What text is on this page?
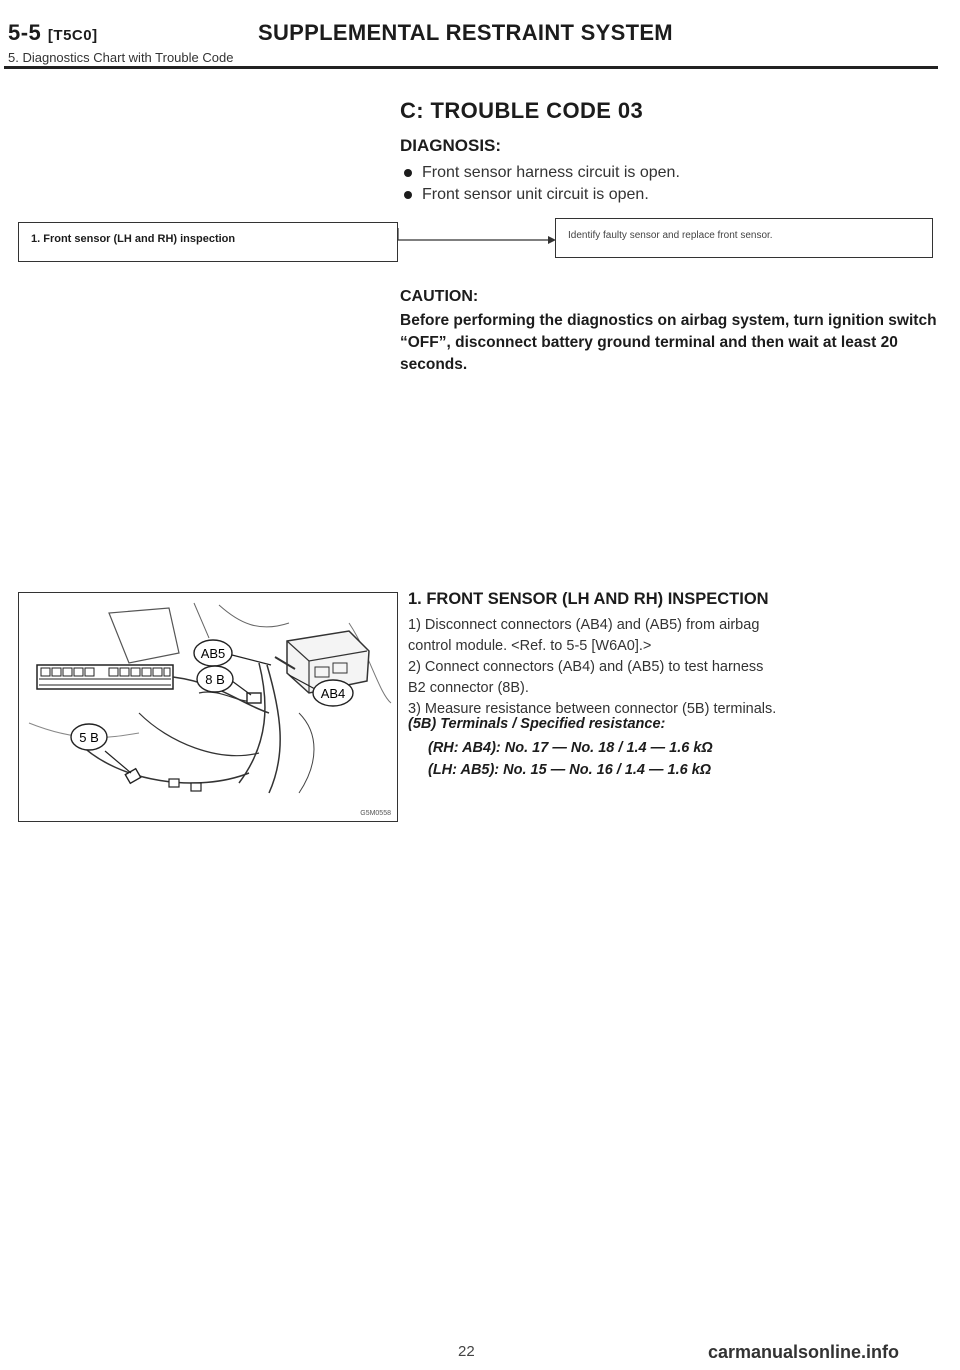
5-5 [T5C0]	SUPPLEMENTAL RESTRAINT SYSTEM
5. Diagnostics Chart with Trouble Code
C: TROUBLE CODE 03
DIAGNOSIS:
Front sensor harness circuit is open.
Front sensor unit circuit is open.
1. Front sensor (LH and RH) inspection	Identify faulty sensor and replace front sensor.
CAUTION:
Before performing the diagnostics on airbag system, turn ignition switch “OFF”, disconnect battery ground terminal and then wait at least 20 seconds.
AB5
8 B
AB4
5 B
G5M0558
1. FRONT SENSOR (LH AND RH) INSPECTION
1) Disconnect connectors (AB4) and (AB5) from airbag
control module. <Ref. to 5-5 [W6A0].>
2) Connect connectors (AB4) and (AB5) to test harness
B2 connector (8B).
3) Measure resistance between connector (5B) terminals.
(5B) Terminals / Specified resistance:
(RH: AB4): No. 17 — No. 18 / 1.4 — 1.6 kΩ
(LH: AB5): No. 15 — No. 16 / 1.4 — 1.6 kΩ
22	carmanualsonline.info
